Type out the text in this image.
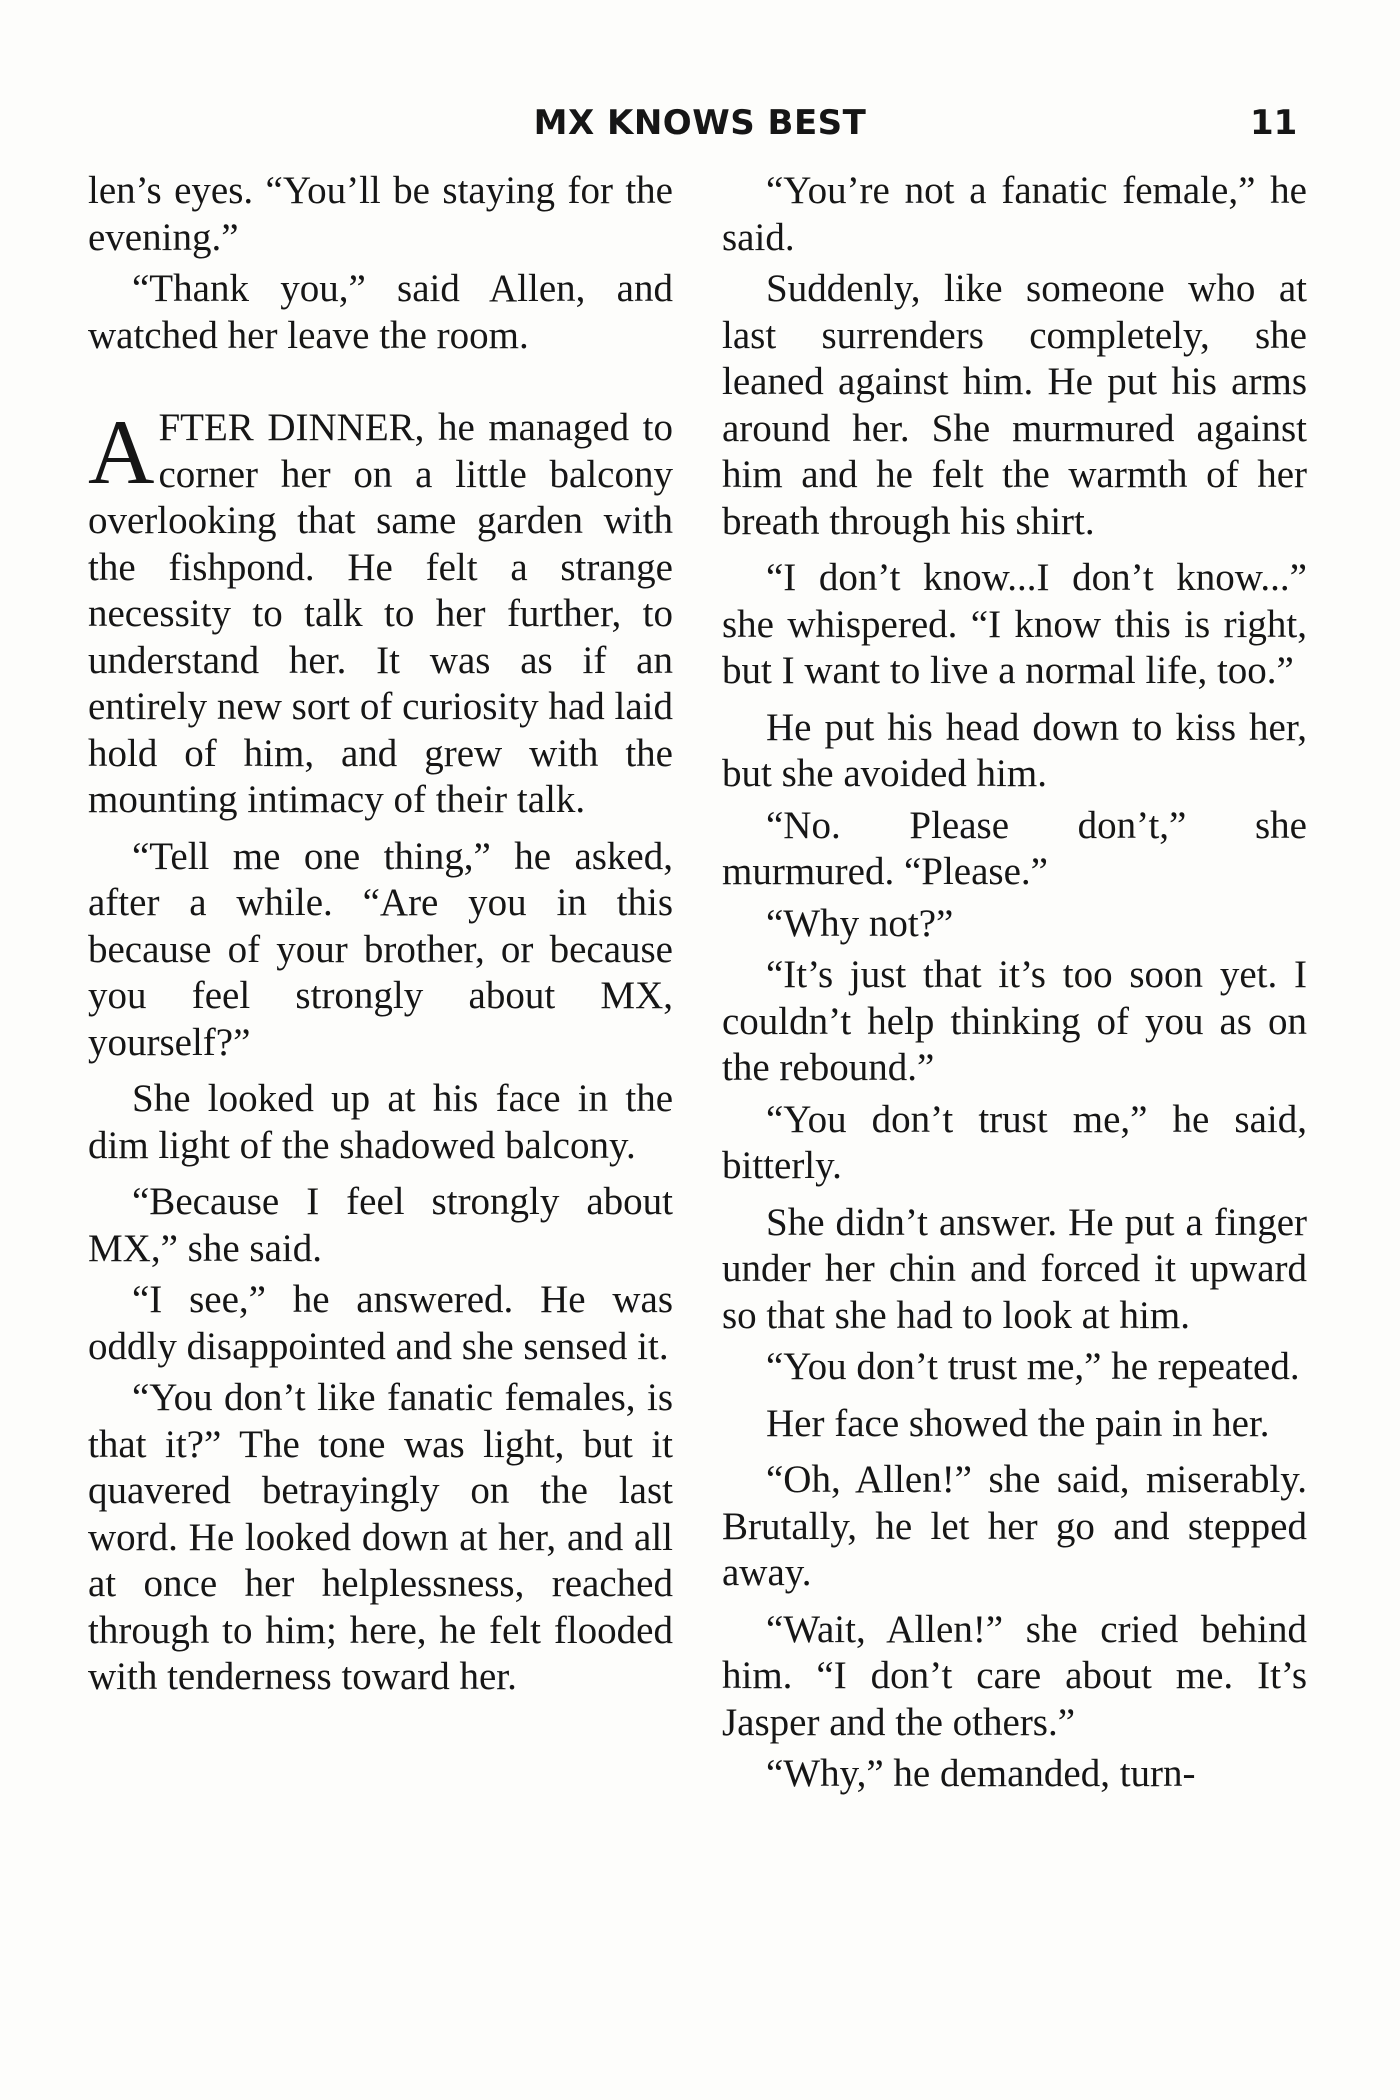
MX KNOWS BEST	11

len’s eyes. “You’ll be staying for the evening.”

“Thank you,” said Allen, and watched her leave the room.

AFTER DINNER, he managed to corner her on a little balcony overlooking that same garden with the fishpond. He felt a strange necessity to talk to her further, to understand her. It was as if an entirely new sort of curiosity had laid hold of him, and grew with the mounting intimacy of their talk.

“Tell me one thing,” he asked, after a while. “Are you in this because of your brother, or because you feel strongly about MX, yourself?”

She looked up at his face in the dim light of the shadowed balcony.

“Because I feel strongly about MX,” she said.

“I see,” he answered. He was oddly disappointed and she sensed it.

“You don’t like fanatic females, is that it?” The tone was light, but it quavered betrayingly on the last word. He looked down at her, and all at once her helplessness, reached through to him; here, he felt flooded with tenderness toward her.

“You’re not a fanatic female,” he said.

Suddenly, like someone who at last surrenders completely, she leaned against him. He put his arms around her. She murmured against him and he felt the warmth of her breath through his shirt.

“I don’t know...I don’t know...” she whispered. “I know this is right, but I want to live a normal life, too.”

He put his head down to kiss her, but she avoided him.

“No. Please don’t,” she murmured. “Please.”

“Why not?”

“It’s just that it’s too soon yet. I couldn’t help thinking of you as on the rebound.”

“You don’t trust me,” he said, bitterly.

She didn’t answer. He put a finger under her chin and forced it upward so that she had to look at him.

“You don’t trust me,” he repeated.

Her face showed the pain in her.

“Oh, Allen!” she said, miserably. Brutally, he let her go and stepped away.

“Wait, Allen!” she cried behind him. “I don’t care about me. It’s Jasper and the others.”

“Why,” he demanded, turn-
